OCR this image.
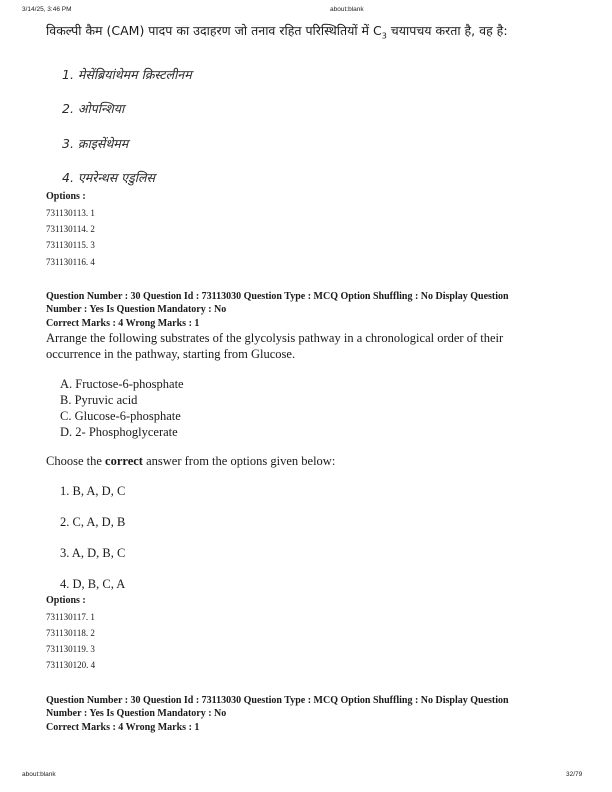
3/14/25, 3:46 PM	about:blank
विकल्पी कैम (CAM) पादप का उदाहरण जो तनाव रहित परिस्थितियों में $C_3$ चयापचय करता है, वह है:
1. मेसेंब्रियांथेमम क्रिस्टलीनम
2. ओपन्शिया
3. क्राइसेंथेमम
4. एमरेन्थस एडुलिस
Options :
731130113. 1
731130114. 2
731130115. 3
731130116. 4
Question Number : 30 Question Id : 73113030 Question Type : MCQ Option Shuffling : No Display Question
Number : Yes Is Question Mandatory : No
Correct Marks : 4 Wrong Marks : 1
Arrange the following substrates of the glycolysis pathway in a chronological order of their
occurrence in the pathway, starting from Glucose.
A. Fructose-6-phosphate
B. Pyruvic acid
C. Glucose-6-phosphate
D. 2- Phosphoglycerate
Choose the correct answer from the options given below:
1. B, A, D, C
2. C, A, D, B
3. A, D, B, C
4. D, B, C, A
Options :
731130117. 1
731130118. 2
731130119. 3
731130120. 4
Question Number : 30 Question Id : 73113030 Question Type : MCQ Option Shuffling : No Display Question
Number : Yes Is Question Mandatory : No
Correct Marks : 4 Wrong Marks : 1
about:blank	32/79
